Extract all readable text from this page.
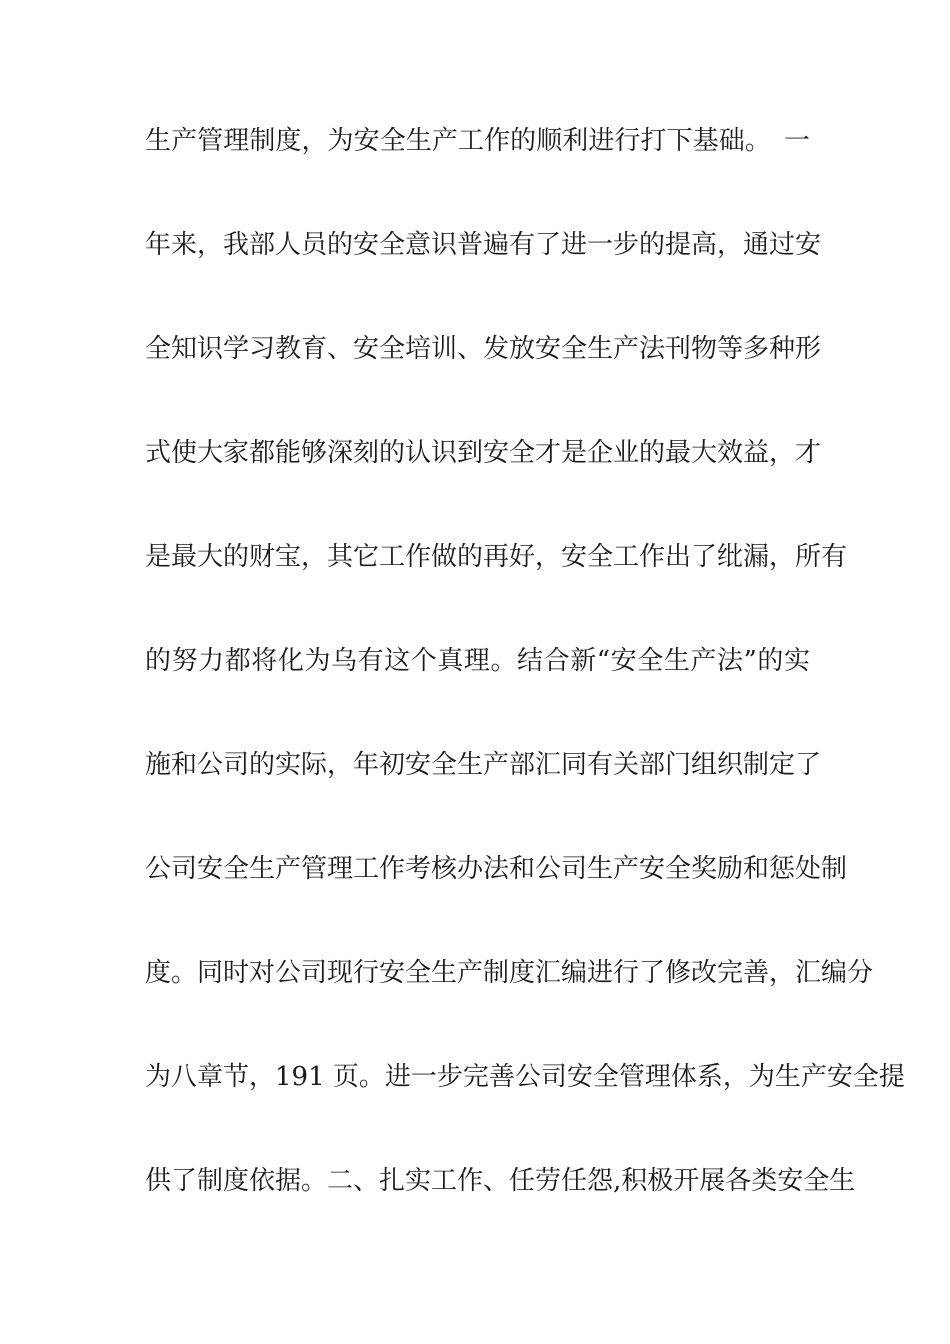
生产管理制度，为安全生产工作的顺利进行打下基础。　一
年来，我部人员的安全意识普遍有了进一步的提高，通过安
全知识学习教育、安全培训、发放安全生产法刊物等多种形
式使大家都能够深刻的认识到安全才是企业的最大效益，才
是最大的财宝，其它工作做的再好，安全工作出了纰漏，所有
的努力都将化为乌有这个真理。结合新“安全生产法”的实
施和公司的实际，年初安全生产部汇同有关部门组织制定了
公司安全生产管理工作考核办法和公司生产安全奖励和惩处制
度。同时对公司现行安全生产制度汇编进行了修改完善，汇编分
为八章节，191 页。进一步完善公司安全管理体系，为生产安全提
供了制度依据。二、扎实工作、任劳任怨,积极开展各类安全生
